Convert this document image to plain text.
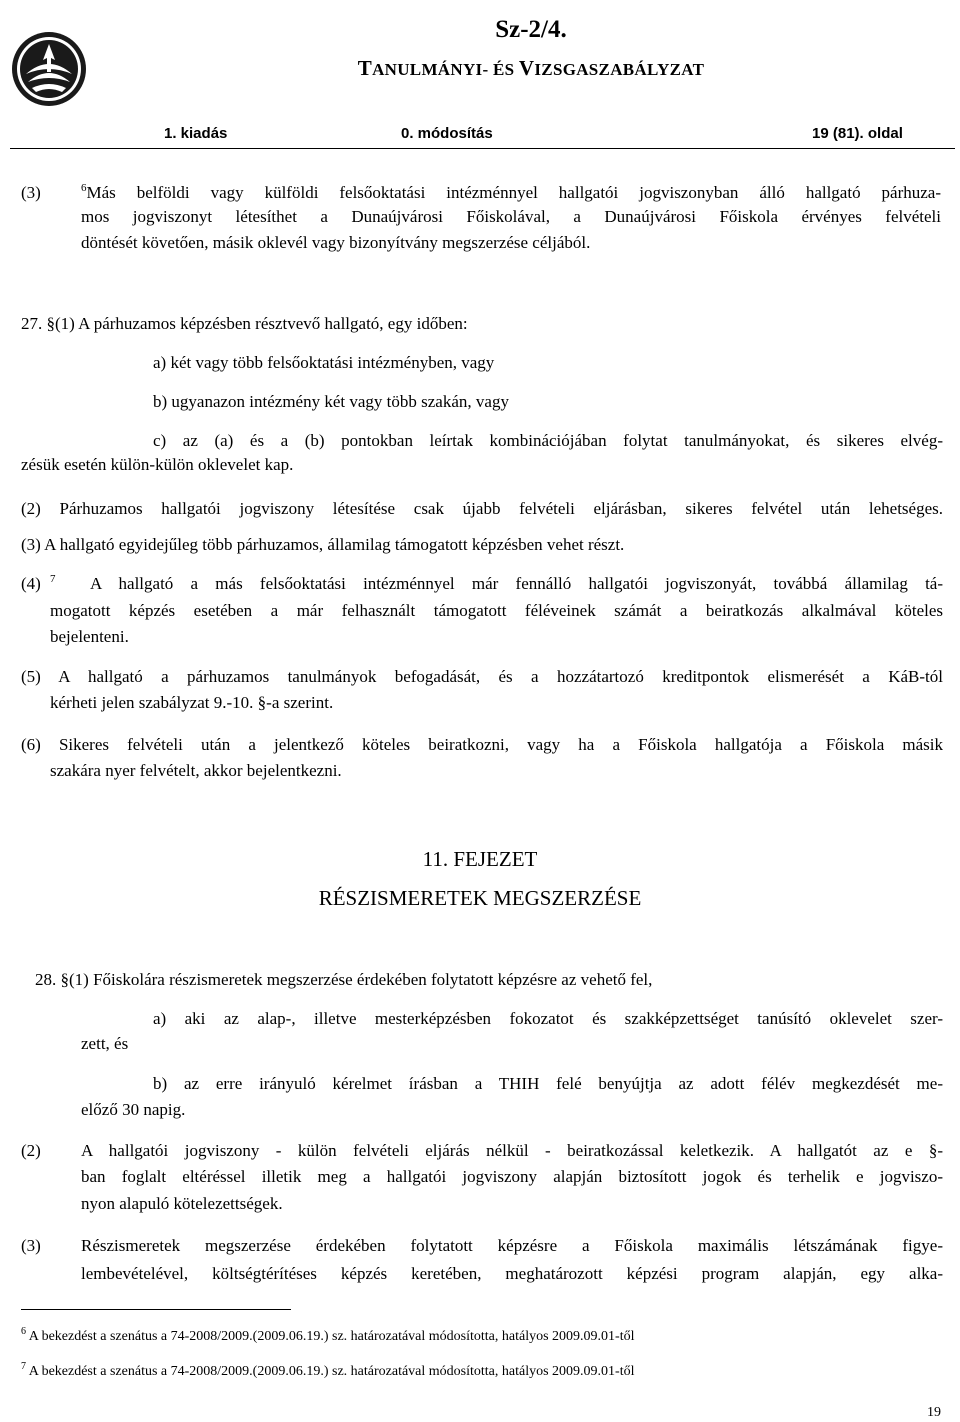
Sz-2/4.
TANULMÁNYI- ÉS VIZSGASZABÁLYZAT
1. kiadás	0. módosítás	19 (81). oldal
(3)	$^6$Más belföldi vagy külföldi felsőoktatási intézménnyel hallgatói jogviszonyban álló hallgató párhuza-
mos jogviszonyt létesíthet a Dunaújvárosi Főiskolával, a Dunaújvárosi Főiskola érvényes felvételi
döntését követően, másik oklevél vagy bizonyítvány megszerzése céljából.
27. §(1) A párhuzamos képzésben résztvevő hallgató, egy időben:
a) két vagy több felsőoktatási intézményben, vagy
b) ugyanazon intézmény két vagy több szakán, vagy
c) az (a) és a (b) pontokban leírtak kombinációjában folytat tanulmányokat, és sikeres elvég-
zésük esetén külön-külön oklevelet kap.
(2) Párhuzamos hallgatói jogviszony létesítése csak újabb felvételi eljárásban, sikeres felvétel után lehetséges.
(3) A hallgató egyidejűleg több párhuzamos, államilag támogatott képzésben vehet részt.
(4) $^7$ A hallgató a más felsőoktatási intézménnyel már fennálló hallgatói jogviszonyát, továbbá államilag tá-
mogatott képzés esetében a már felhasznált támogatott féléveinek számát a beiratkozás alkalmával köteles
bejelenteni.
(5) A hallgató a párhuzamos tanulmányok befogadását, és a hozzátartozó kreditpontok elismerését a KáB-tól
kérheti jelen szabályzat 9.-10. §-a szerint.
(6) Sikeres felvételi után a jelentkező köteles beiratkozni, vagy ha a Főiskola hallgatója a Főiskola másik
szakára nyer felvételt, akkor bejelentkezni.
11. FEJEZET
RÉSZISMERETEK MEGSZERZÉSE
28. §(1) Főiskolára részismeretek megszerzése érdekében folytatott képzésre az vehető fel,
a) aki az alap-, illetve mesterképzésben fokozatot és szakképzettséget tanúsító oklevelet szer-
zett, és
b) az erre irányuló kérelmet írásban a THIH felé benyújtja az adott félév megkezdését me-
előző 30 napig.
(2) A hallgatói jogviszony - külön felvételi eljárás nélkül - beiratkozással keletkezik. A hallgatót az e §-
ban foglalt eltéréssel illetik meg a hallgatói jogviszony alapján biztosított jogok és terhelik e jogviszo-
nyon alapuló kötelezettségek.
(3) Részismeretek megszerzése érdekében folytatott képzésre a Főiskola maximális létszámának figye-
lembevételével, költségtérítéses képzés keretében, meghatározott képzési program alapján, egy alka-
$^6$ A bekezdést a szenátus a 74-2008/2009.(2009.06.19.) sz. határozatával módosította, hatályos 2009.09.01-től
$^7$ A bekezdést a szenátus a 74-2008/2009.(2009.06.19.) sz. határozatával módosította, hatályos 2009.09.01-től
19
